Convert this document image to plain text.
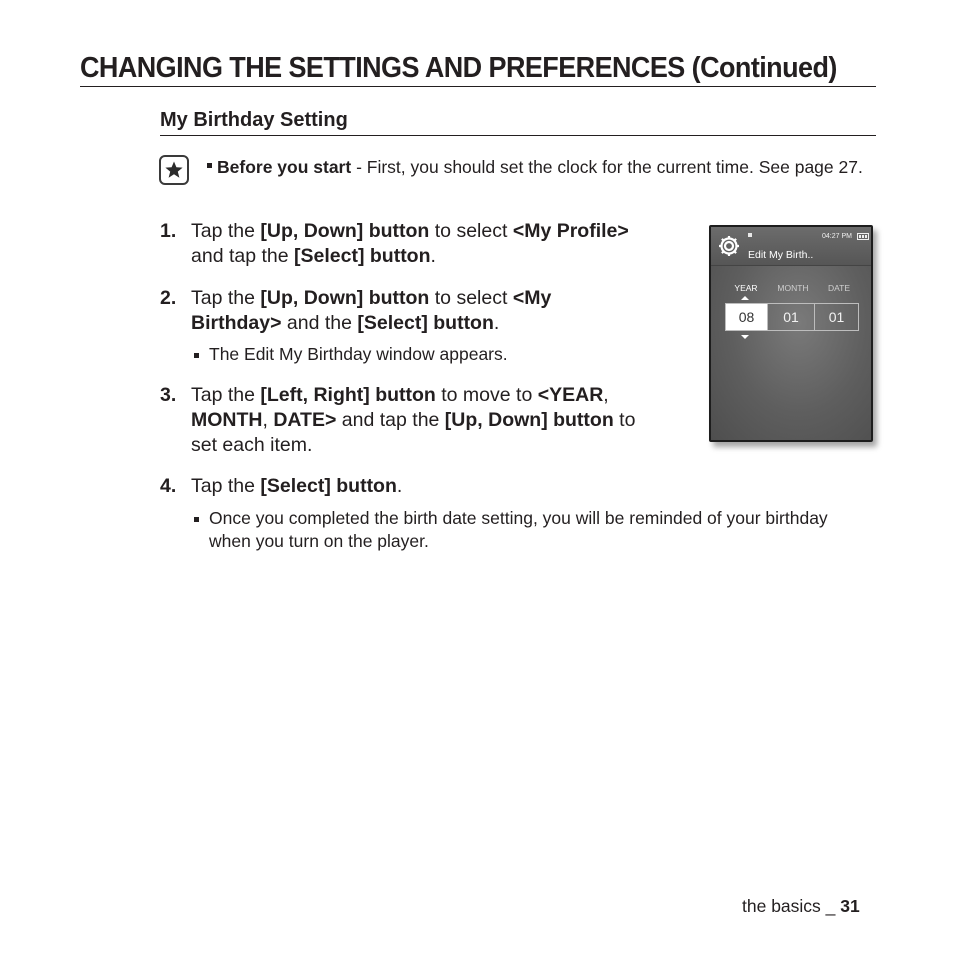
CHANGING THE SETTINGS AND PREFERENCES (Continued)
My Birthday Setting
Before you start - First, you should set the clock for the current time. See page 27.
1. Tap the [Up, Down] button to select <My Profile>
and tap the [Select] button.
2. Tap the [Up, Down] button to select <My
Birthday> and the [Select] button.
The Edit My Birthday window appears.
3. Tap the [Left, Right] button to move to <YEAR,
MONTH, DATE> and tap the [Up, Down] button to
set each item.
4. Tap the [Select] button.
Once you completed the birth date setting, you will be reminded of your birthday when you turn on the player.
04:27 PM
Edit My Birth..
YEAR	MONTH	DATE
08	01	01
the basics _ 31
